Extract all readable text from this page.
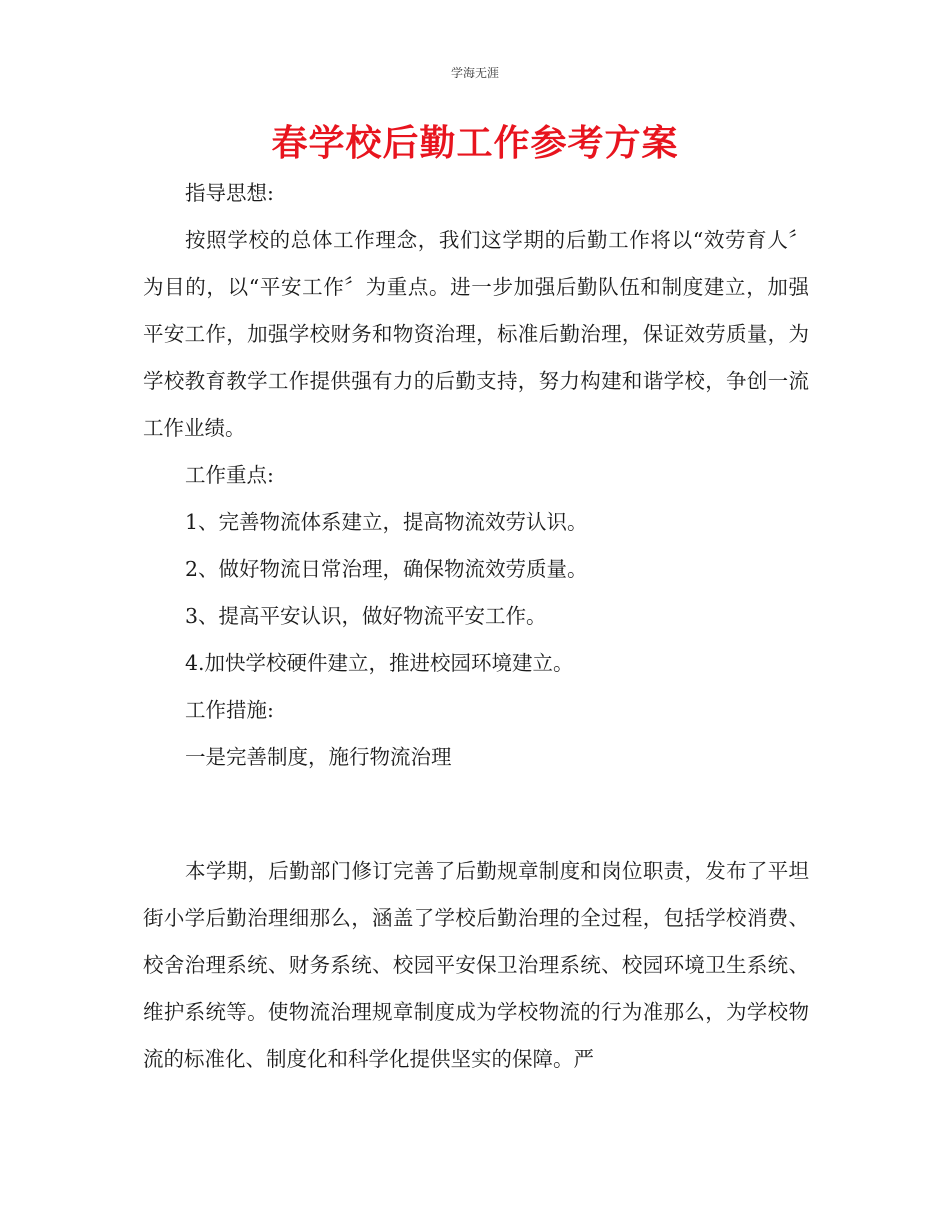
学海无涯
春学校后勤工作参考方案

指导思想:

按照学校的总体工作理念，我们这学期的后勤工作将以“效劳育人〞为目的，以“平安工作〞为重点。进一步加强后勤队伍和制度建立，加强平安工作，加强学校财务和物资治理，标准后勤治理，保证效劳质量，为学校教育教学工作提供强有力的后勤支持，努力构建和谐学校，争创一流工作业绩。

工作重点:

1、完善物流体系建立，提高物流效劳认识。

2、做好物流日常治理，确保物流效劳质量。

3、提高平安认识，做好物流平安工作。

4.加快学校硬件建立，推进校园环境建立。

工作措施:

一是完善制度，施行物流治理

本学期，后勤部门修订完善了后勤规章制度和岗位职责，发布了平坦街小学后勤治理细那么，涵盖了学校后勤治理的全过程，包括学校消费、校舍治理系统、财务系统、校园平安保卫治理系统、校园环境卫生系统、维护系统等。使物流治理规章制度成为学校物流的行为准那么，为学校物流的标准化、制度化和科学化提供坚实的保障。严
